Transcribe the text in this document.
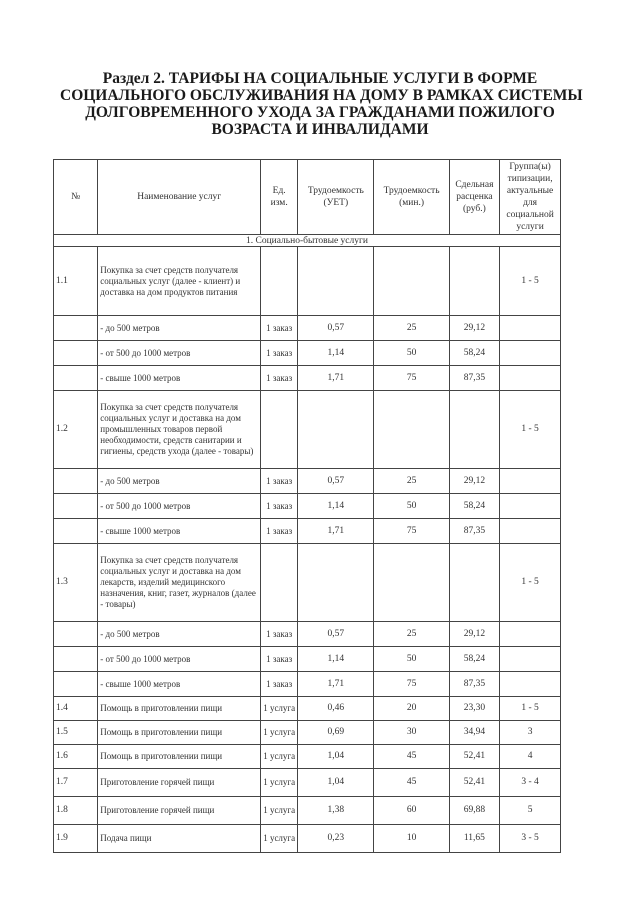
Раздел 2. ТАРИФЫ НА СОЦИАЛЬНЫЕ УСЛУГИ В ФОРМЕ
СОЦИАЛЬНОГО ОБСЛУЖИВАНИЯ НА ДОМУ В РАМКАХ СИСТЕМЫ
ДОЛГОВРЕМЕННОГО УХОДА ЗА ГРАЖДАНАМИ ПОЖИЛОГО
ВОЗРАСТА И ИНВАЛИДАМИ
№	Наименование услуг	Ед. изм.	Трудоемкость (УЕТ)	Трудоемкость (мин.)	Сдельная расценка (руб.)	Группа(ы) типизации, актуальные для социальной услуги
1. Социально-бытовые услуги						
1.1	Покупка за счет средств получателя социальных услуг (далее - клиент) и доставка на дом продуктов питания					1 - 5
	- до 500 метров	1 заказ	0,57	25	29,12	
	- от 500 до 1000 метров	1 заказ	1,14	50	58,24	
	- свыше 1000 метров	1 заказ	1,71	75	87,35	
1.2	Покупка за счет средств получателя социальных услуг и доставка на дом промышленных товаров первой необходимости, средств санитарии и гигиены, средств ухода (далее - товары)					1 - 5
	- до 500 метров	1 заказ	0,57	25	29,12	
	- от 500 до 1000 метров	1 заказ	1,14	50	58,24	
	- свыше 1000 метров	1 заказ	1,71	75	87,35	
1.3	Покупка за счет средств получателя социальных услуг и доставка на дом лекарств, изделий медицинского назначения, книг, газет, журналов (далее - товары)					1 - 5
	- до 500 метров	1 заказ	0,57	25	29,12	
	- от 500 до 1000 метров	1 заказ	1,14	50	58,24	
	- свыше 1000 метров	1 заказ	1,71	75	87,35	
1.4	Помощь в приготовлении пищи	1 услуга	0,46	20	23,30	1 - 5
1.5	Помощь в приготовлении пищи	1 услуга	0,69	30	34,94	3
1.6	Помощь в приготовлении пищи	1 услуга	1,04	45	52,41	4
1.7	Приготовление горячей пищи	1 услуга	1,04	45	52,41	3 - 4
1.8	Приготовление горячей пищи	1 услуга	1,38	60	69,88	5
1.9	Подача пищи	1 услуга	0,23	10	11,65	3 - 5
